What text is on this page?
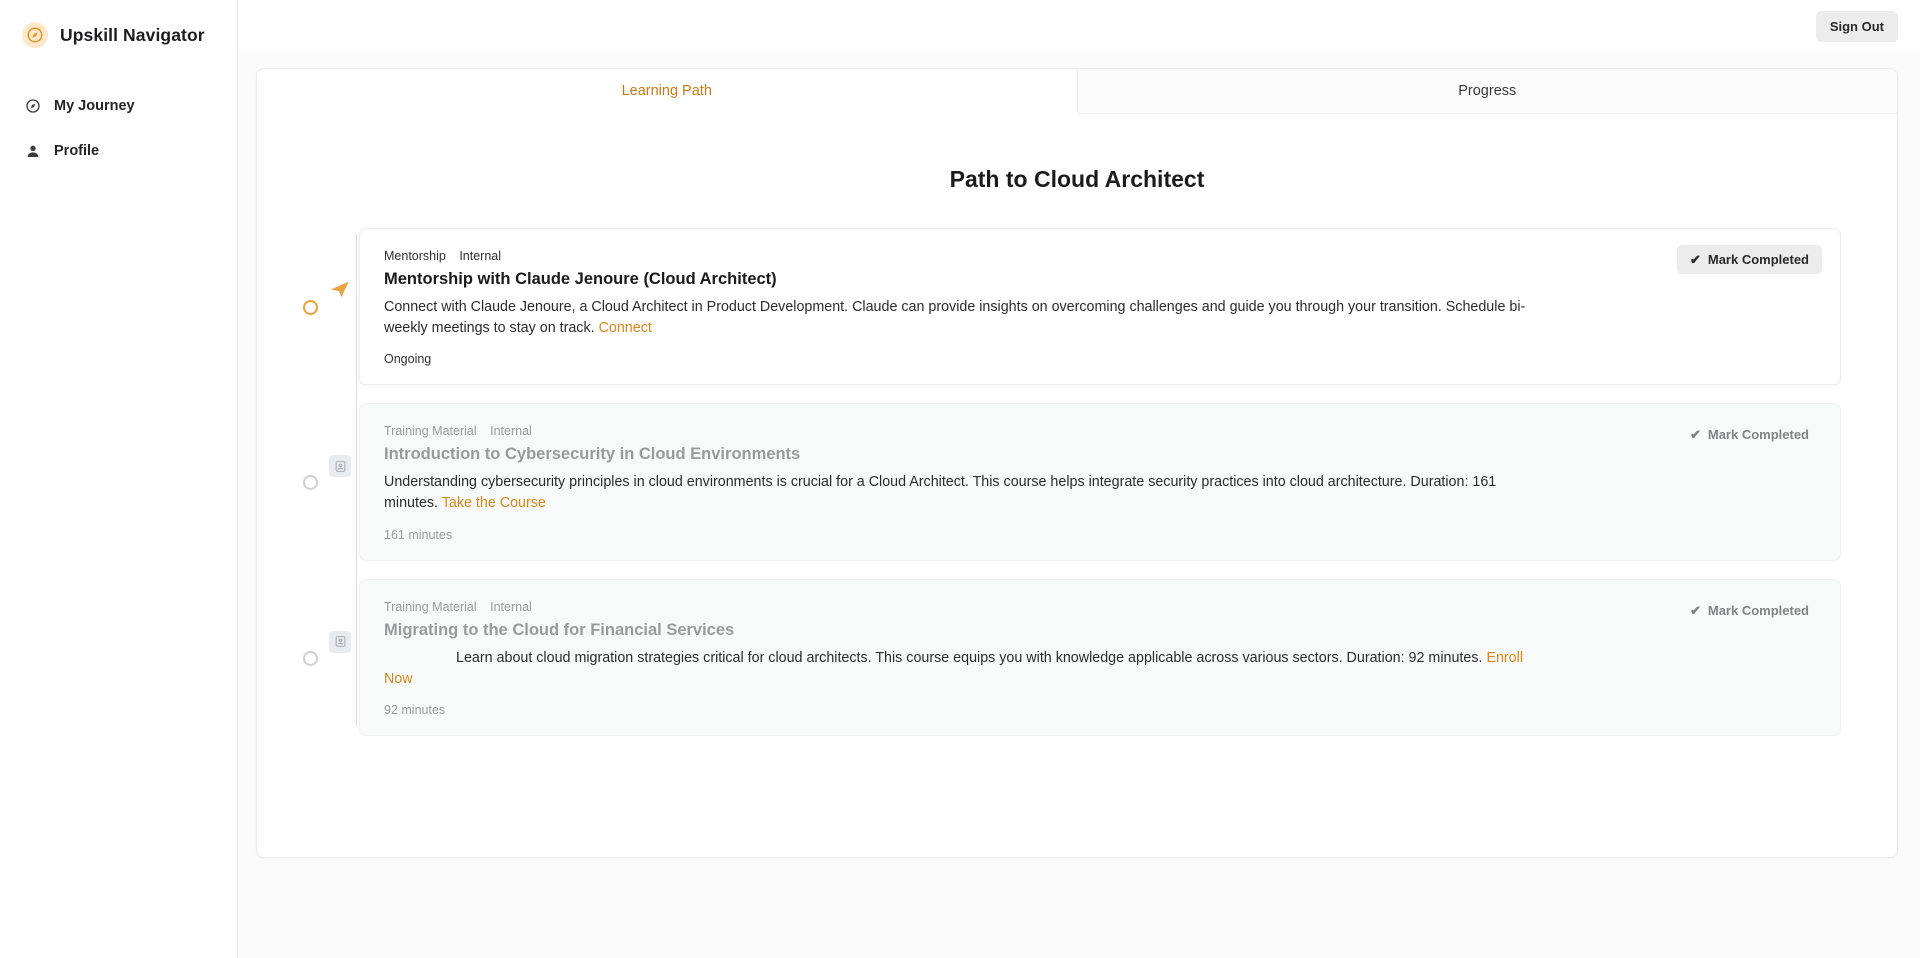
Upskill Navigator
My Journey
Profile
Sign Out
Learning Path	Progress
Path to Cloud Architect
✔ Mark Completed
Mentorship Internal
Mentorship with Claude Jenoure (Cloud Architect)
Connect with Claude Jenoure, a Cloud Architect in Product Development. Claude can provide insights on overcoming challenges and guide you through your transition. Schedule bi-weekly meetings to stay on track. Connect
Ongoing
✔ Mark Completed
Training Material Internal
Introduction to Cybersecurity in Cloud Environments
Understanding cybersecurity principles in cloud environments is crucial for a Cloud Architect. This course helps integrate security practices into cloud architecture. Duration: 161 minutes. Take the Course
161 minutes
✔ Mark Completed
Training Material Internal
Migrating to the Cloud for Financial Services
Learn about cloud migration strategies critical for cloud architects. This course equips you with knowledge applicable across various sectors. Duration: 92 minutes. Enroll Now
92 minutes
